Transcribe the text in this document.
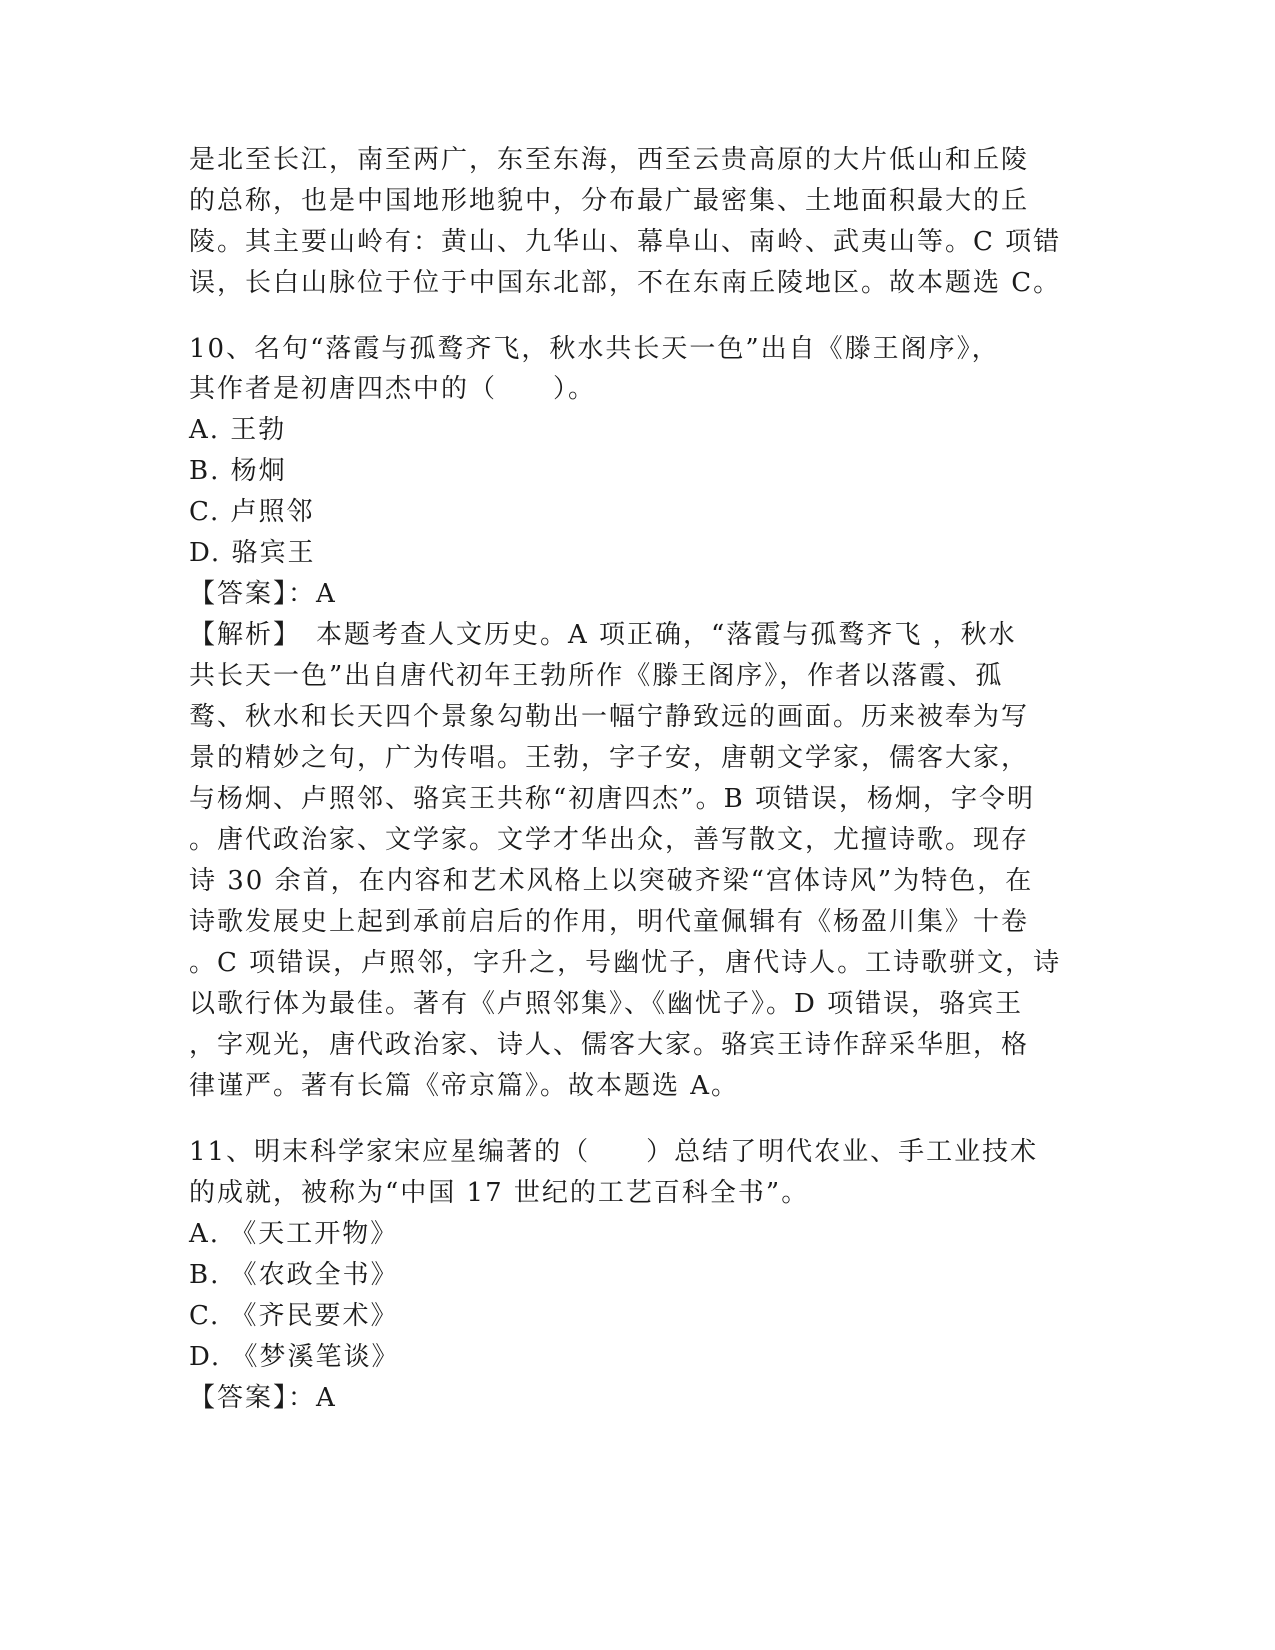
是北至长江，南至两广，东至东海，西至云贵高原的大片低山和丘陵
的总称，也是中国地形地貌中，分布最广最密集、土地面积最大的丘
陵。其主要山岭有：黄山、九华山、幕阜山、南岭、武夷山等。C 项错
误，长白山脉位于位于中国东北部，不在东南丘陵地区。故本题选 C。
10、名句“落霞与孤鹜齐飞，秋水共长天一色”出自《滕王阁序》，
其作者是初唐四杰中的（　　）。
A. 王勃
B. 杨炯
C. 卢照邻
D. 骆宾王
【答案】：A
【解析】　本题考查人文历史。A 项正确，“落霞与孤鹜齐飞 ，秋水
共长天一色”出自唐代初年王勃所作《滕王阁序》，作者以落霞、孤
鹜、秋水和长天四个景象勾勒出一幅宁静致远的画面。历来被奉为写
景的精妙之句，广为传唱。王勃，字子安，唐朝文学家，儒客大家，
与杨炯、卢照邻、骆宾王共称“初唐四杰”。B 项错误，杨炯，字令明
。唐代政治家、文学家。文学才华出众，善写散文，尤擅诗歌。现存
诗 30 余首，在内容和艺术风格上以突破齐梁“宫体诗风”为特色，在
诗歌发展史上起到承前启后的作用，明代童佩辑有《杨盈川集》十卷
。C 项错误，卢照邻，字升之，号幽忧子，唐代诗人。工诗歌骈文，诗
以歌行体为最佳。著有《卢照邻集》、《幽忧子》。D 项错误，骆宾王
，字观光，唐代政治家、诗人、儒客大家。骆宾王诗作辞采华胆，格
律谨严。著有长篇《帝京篇》。故本题选 A。
11、明末科学家宋应星编著的（　　）总结了明代农业、手工业技术
的成就，被称为“中国 17 世纪的工艺百科全书”。
A. 《天工开物》
B. 《农政全书》
C. 《齐民要术》
D. 《梦溪笔谈》
【答案】：A
